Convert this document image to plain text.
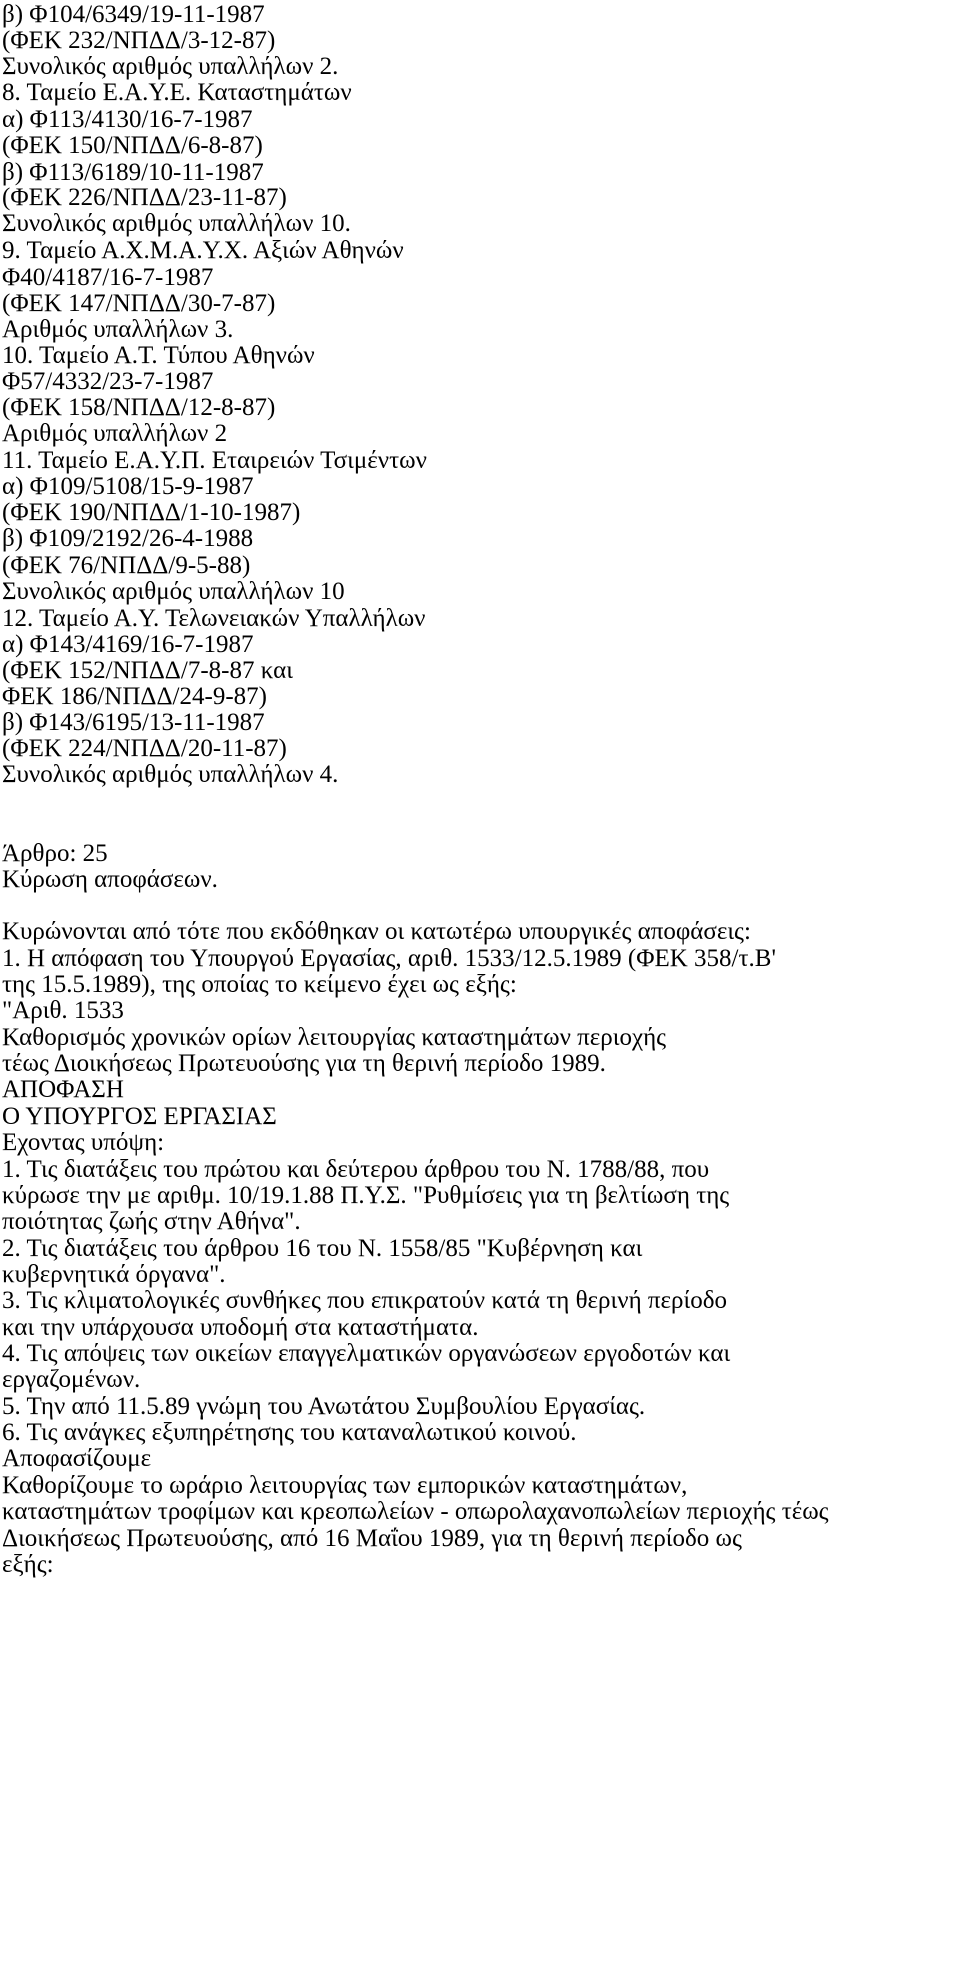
β) Φ104/6349/19-11-1987
(ΦΕΚ 232/ΝΠΔΔ/3-12-87)
Συνολικός αριθμός υπαλλήλων 2.
8. Ταμείο Ε.Α.Υ.Ε. Καταστημάτων
α) Φ113/4130/16-7-1987
(ΦΕΚ 150/ΝΠΔΔ/6-8-87)
β) Φ113/6189/10-11-1987
(ΦΕΚ 226/ΝΠΔΔ/23-11-87)
Συνολικός αριθμός υπαλλήλων 10.
9. Ταμείο Α.Χ.Μ.Α.Υ.Χ. Αξιών Αθηνών
Φ40/4187/16-7-1987
(ΦΕΚ 147/ΝΠΔΔ/30-7-87)
Αριθμός υπαλλήλων 3.
10. Ταμείο Α.Τ. Τύπου Αθηνών
Φ57/4332/23-7-1987
(ΦΕΚ 158/ΝΠΔΔ/12-8-87)
Αριθμός υπαλλήλων 2
11. Ταμείο Ε.Α.Υ.Π. Εταιρειών Τσιμέντων
α) Φ109/5108/15-9-1987
(ΦΕΚ 190/ΝΠΔΔ/1-10-1987)
β) Φ109/2192/26-4-1988
(ΦΕΚ 76/ΝΠΔΔ/9-5-88)
Συνολικός αριθμός υπαλλήλων 10
12. Ταμείο Α.Υ. Τελωνειακών Υπαλλήλων
α) Φ143/4169/16-7-1987
(ΦΕΚ 152/ΝΠΔΔ/7-8-87 και
ΦΕΚ 186/ΝΠΔΔ/24-9-87)
β) Φ143/6195/13-11-1987
(ΦΕΚ 224/ΝΠΔΔ/20-11-87)
Συνολικός αριθμός υπαλλήλων 4.
Άρθρο: 25
Κύρωση αποφάσεων.
Κυρώνονται από τότε που εκδόθηκαν οι κατωτέρω υπουργικές αποφάσεις:
1. Η απόφαση του Υπουργού Εργασίας, αριθ. 1533/12.5.1989 (ΦΕΚ 358/τ.Β'
της 15.5.1989), της οποίας το κείμενο έχει ως εξής:
"Αριθ. 1533
Καθορισμός χρονικών ορίων λειτουργίας καταστημάτων περιοχής
τέως Διοικήσεως Πρωτευούσης για τη θερινή περίοδο 1989.
ΑΠΟΦΑΣΗ
Ο ΥΠΟΥΡΓΟΣ ΕΡΓΑΣΙΑΣ
Εχοντας υπόψη:
1. Τις διατάξεις του πρώτου και δεύτερου άρθρου του Ν. 1788/88, που
κύρωσε την με αριθμ. 10/19.1.88 Π.Υ.Σ. "Ρυθμίσεις για τη βελτίωση της
ποιότητας ζωής στην Αθήνα".
2. Τις διατάξεις του άρθρου 16 του Ν. 1558/85 "Κυβέρνηση και
κυβερνητικά όργανα".
3. Τις κλιματολογικές συνθήκες που επικρατούν κατά τη θερινή περίοδο
και την υπάρχουσα υποδομή στα καταστήματα.
4. Τις απόψεις των οικείων επαγγελματικών οργανώσεων εργοδοτών και
εργαζομένων.
5. Την από 11.5.89 γνώμη του Ανωτάτου Συμβουλίου Εργασίας.
6. Τις ανάγκες εξυπηρέτησης του καταναλωτικού κοινού.
Αποφασίζουμε
Καθορίζουμε το ωράριο λειτουργίας των εμπορικών καταστημάτων,
καταστημάτων τροφίμων και κρεοπωλείων - οπωρολαχανοπωλείων περιοχής τέως
Διοικήσεως Πρωτευούσης, από 16 Μαΐου 1989, για τη θερινή περίοδο ως
εξής:
